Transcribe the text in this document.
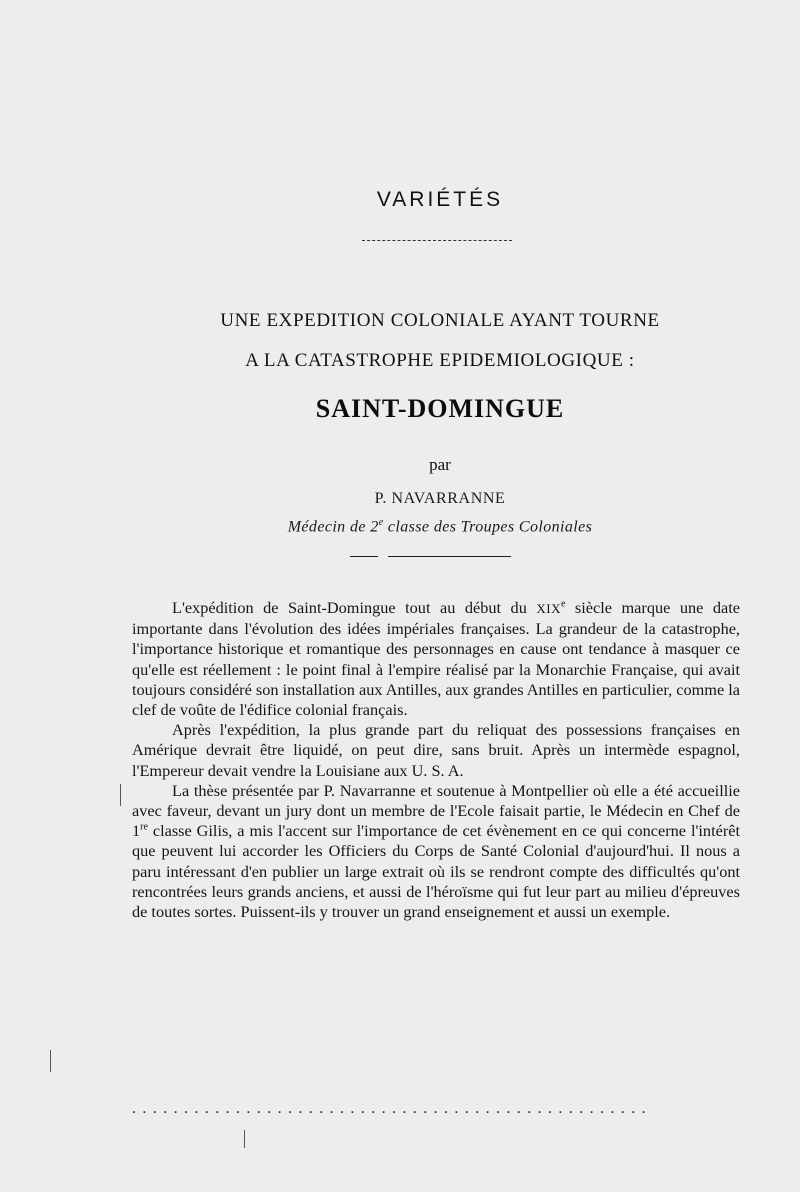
VARIÉTÉS
UNE EXPEDITION COLONIALE AYANT TOURNE
A LA CATASTROPHE EPIDEMIOLOGIQUE :
SAINT-DOMINGUE
par
P. NAVARRANNE
Médecin de 2e classe des Troupes Coloniales

L'expédition de Saint-Domingue tout au début du XIXe siècle marque une date importante dans l'évolution des idées impériales françaises. La grandeur de la catastrophe, l'importance historique et romantique des personnages en cause ont tendance à masquer ce qu'elle est réellement : le point final à l'empire réalisé par la Monarchie Française, qui avait toujours considéré son installation aux Antilles, aux grandes Antilles en particulier, comme la clef de voûte de l'édifice colonial français.

Après l'expédition, la plus grande part du reliquat des possessions françaises en Amérique devrait être liquidé, on peut dire, sans bruit. Après un intermède espagnol, l'Empereur devait vendre la Louisiane aux U. S. A.

La thèse présentée par P. Navarranne et soutenue à Montpellier où elle a été accueillie avec faveur, devant un jury dont un membre de l'Ecole faisait partie, le Médecin en Chef de 1re classe Gilis, a mis l'accent sur l'importance de cet évènement en ce qui concerne l'intérêt que peuvent lui accorder les Officiers du Corps de Santé Colonial d'aujourd'hui. Il nous a paru intéressant d'en publier un large extrait où ils se rendront compte des difficultés qu'ont rencontrées leurs grands anciens, et aussi de l'héroïsme qui fut leur part au milieu d'épreuves de toutes sortes. Puissent-ils y trouver un grand enseignement et aussi un exemple.

..................................................
